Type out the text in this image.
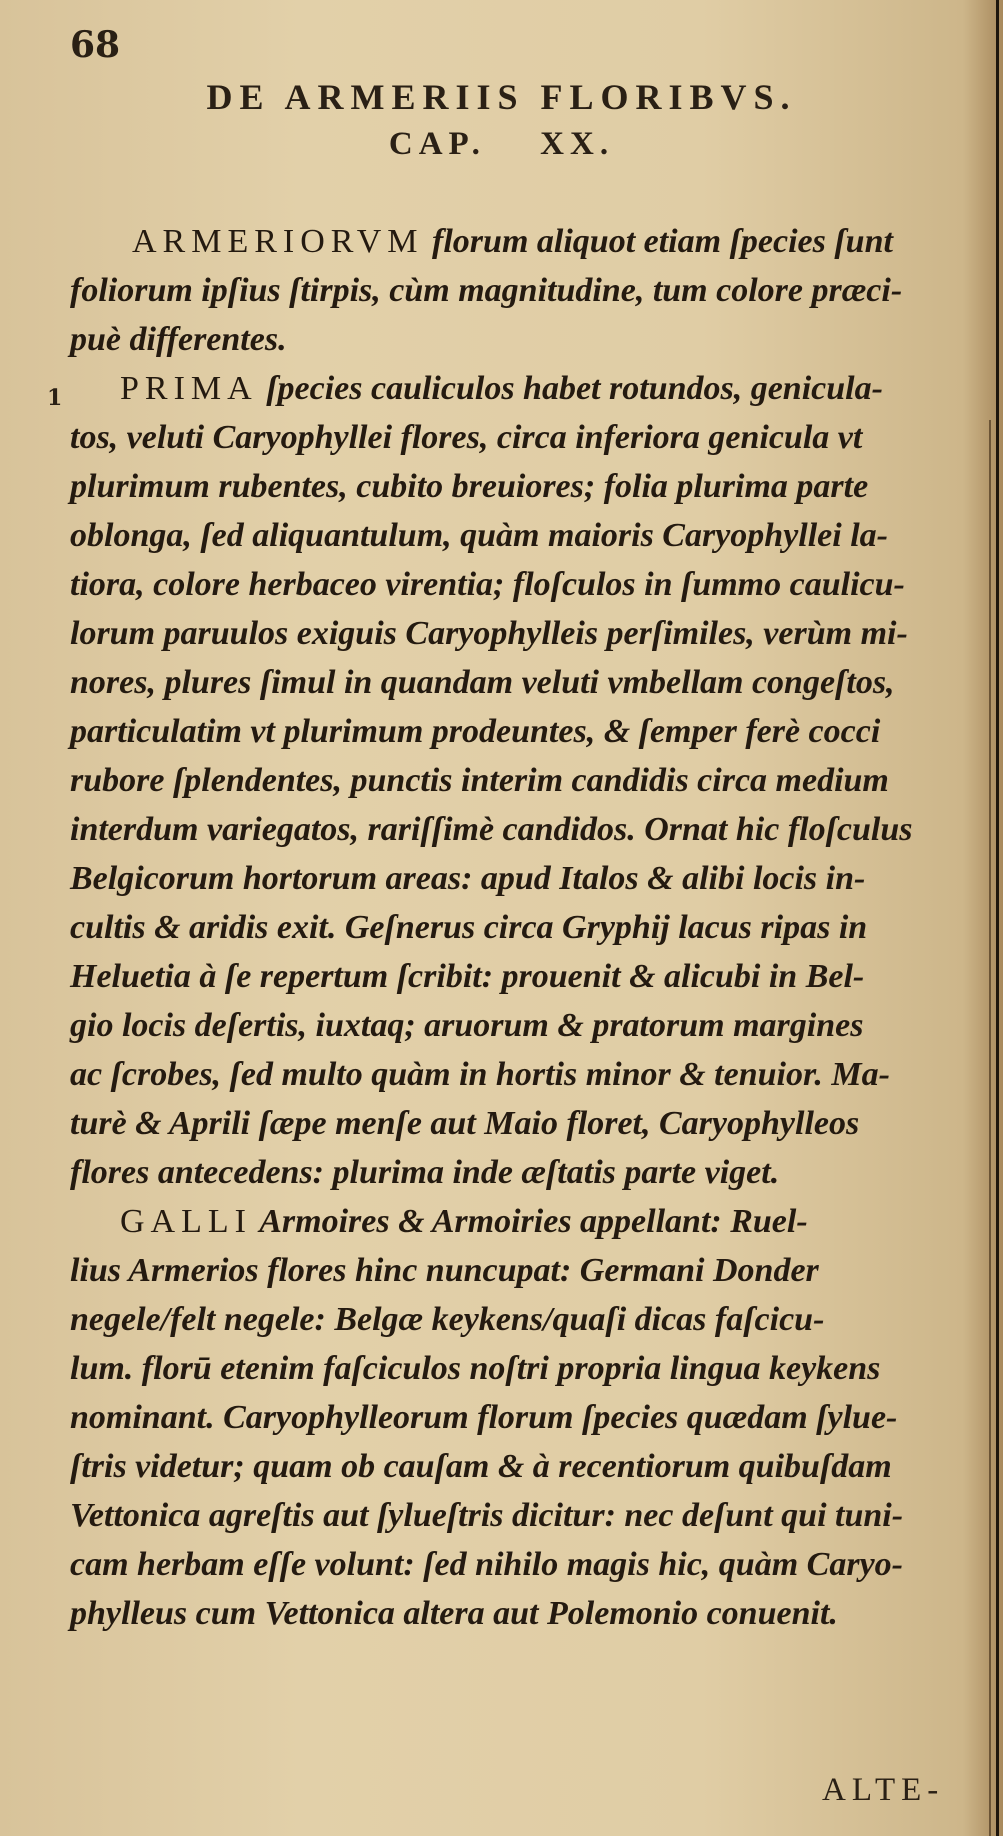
68
DE ARMERIIS FLORIBVS.
CAP. XX.
1
ARMERIORVM florum aliquot etiam ſpecies ſunt
foliorum ipſius ſtirpis, cùm magnitudine, tum colore præci-
puè differentes.
PRIMA ſpecies cauliculos habet rotundos, genicula-
tos, veluti Caryophyllei flores, circa inferiora genicula vt
plurimum rubentes, cubito breuiores; folia plurima parte
oblonga, ſed aliquantulum, quàm maioris Caryophyllei la-
tiora, colore herbaceo virentia; floſculos in ſummo caulicu-
lorum paruulos exiguis Caryophylleis perſimiles, verùm mi-
nores, plures ſimul in quandam veluti vmbellam congeſtos,
particulatim vt plurimum prodeuntes, & ſemper ferè cocci
rubore ſplendentes, punctis interim candidis circa medium
interdum variegatos, rariſſimè candidos. Ornat hic floſculus
Belgicorum hortorum areas: apud Italos & alibi locis in-
cultis & aridis exit. Geſnerus circa Gryphij lacus ripas in
Heluetia à ſe repertum ſcribit: prouenit & alicubi in Bel-
gio locis deſertis, iuxtaq; aruorum & pratorum margines
ac ſcrobes, ſed multo quàm in hortis minor & tenuior. Ma-
turè & Aprili ſæpe menſe aut Maio floret, Caryophylleos
flores antecedens: plurima inde æſtatis parte viget.
GALLI Armoires & Armoiries appellant: Ruel-
lius Armerios flores hinc nuncupat: Germani Donder
negele/felt negele: Belgæ keykens/quaſi dicas faſcicu-
lum. florū etenim faſciculos noſtri propria lingua keykens
nominant. Caryophylleorum florum ſpecies quædam ſylue-
ſtris videtur; quam ob cauſam & à recentiorum quibuſdam
Vettonica agreſtis aut ſylueſtris dicitur: nec deſunt qui tuni-
cam herbam eſſe volunt: ſed nihilo magis hic, quàm Caryo-
phylleus cum Vettonica altera aut Polemonio conuenit.
ALTE-
